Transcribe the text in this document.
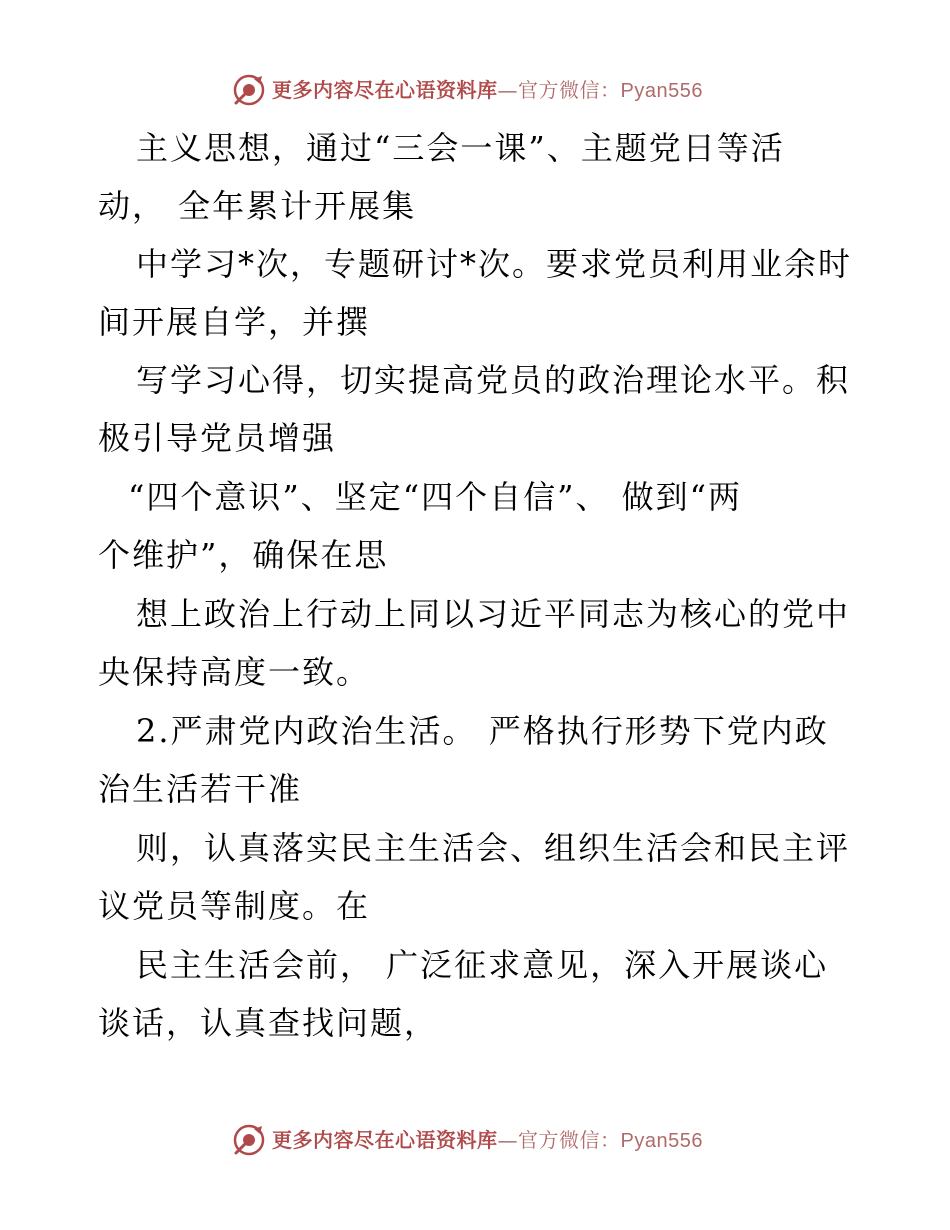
更多内容尽在心语资料库—官方微信：Pyan556
主义思想，通过“三会一课”、主题党日等活
动， 全年累计开展集
中学习*次，专题研讨*次。要求党员利用业余时
间开展自学，并撰
写学习心得，切实提高党员的政治理论水平。积
极引导党员增强
“四个意识”、坚定“四个自信”、 做到“两
个维护”，确保在思
想上政治上行动上同以习近平同志为核心的党中
央保持高度一致。
2.严肃党内政治生活。 严格执行形势下党内政
治生活若干准
则，认真落实民主生活会、组织生活会和民主评
议党员等制度。在
民主生活会前， 广泛征求意见，深入开展谈心
谈话，认真查找问题，
更多内容尽在心语资料库—官方微信：Pyan556
